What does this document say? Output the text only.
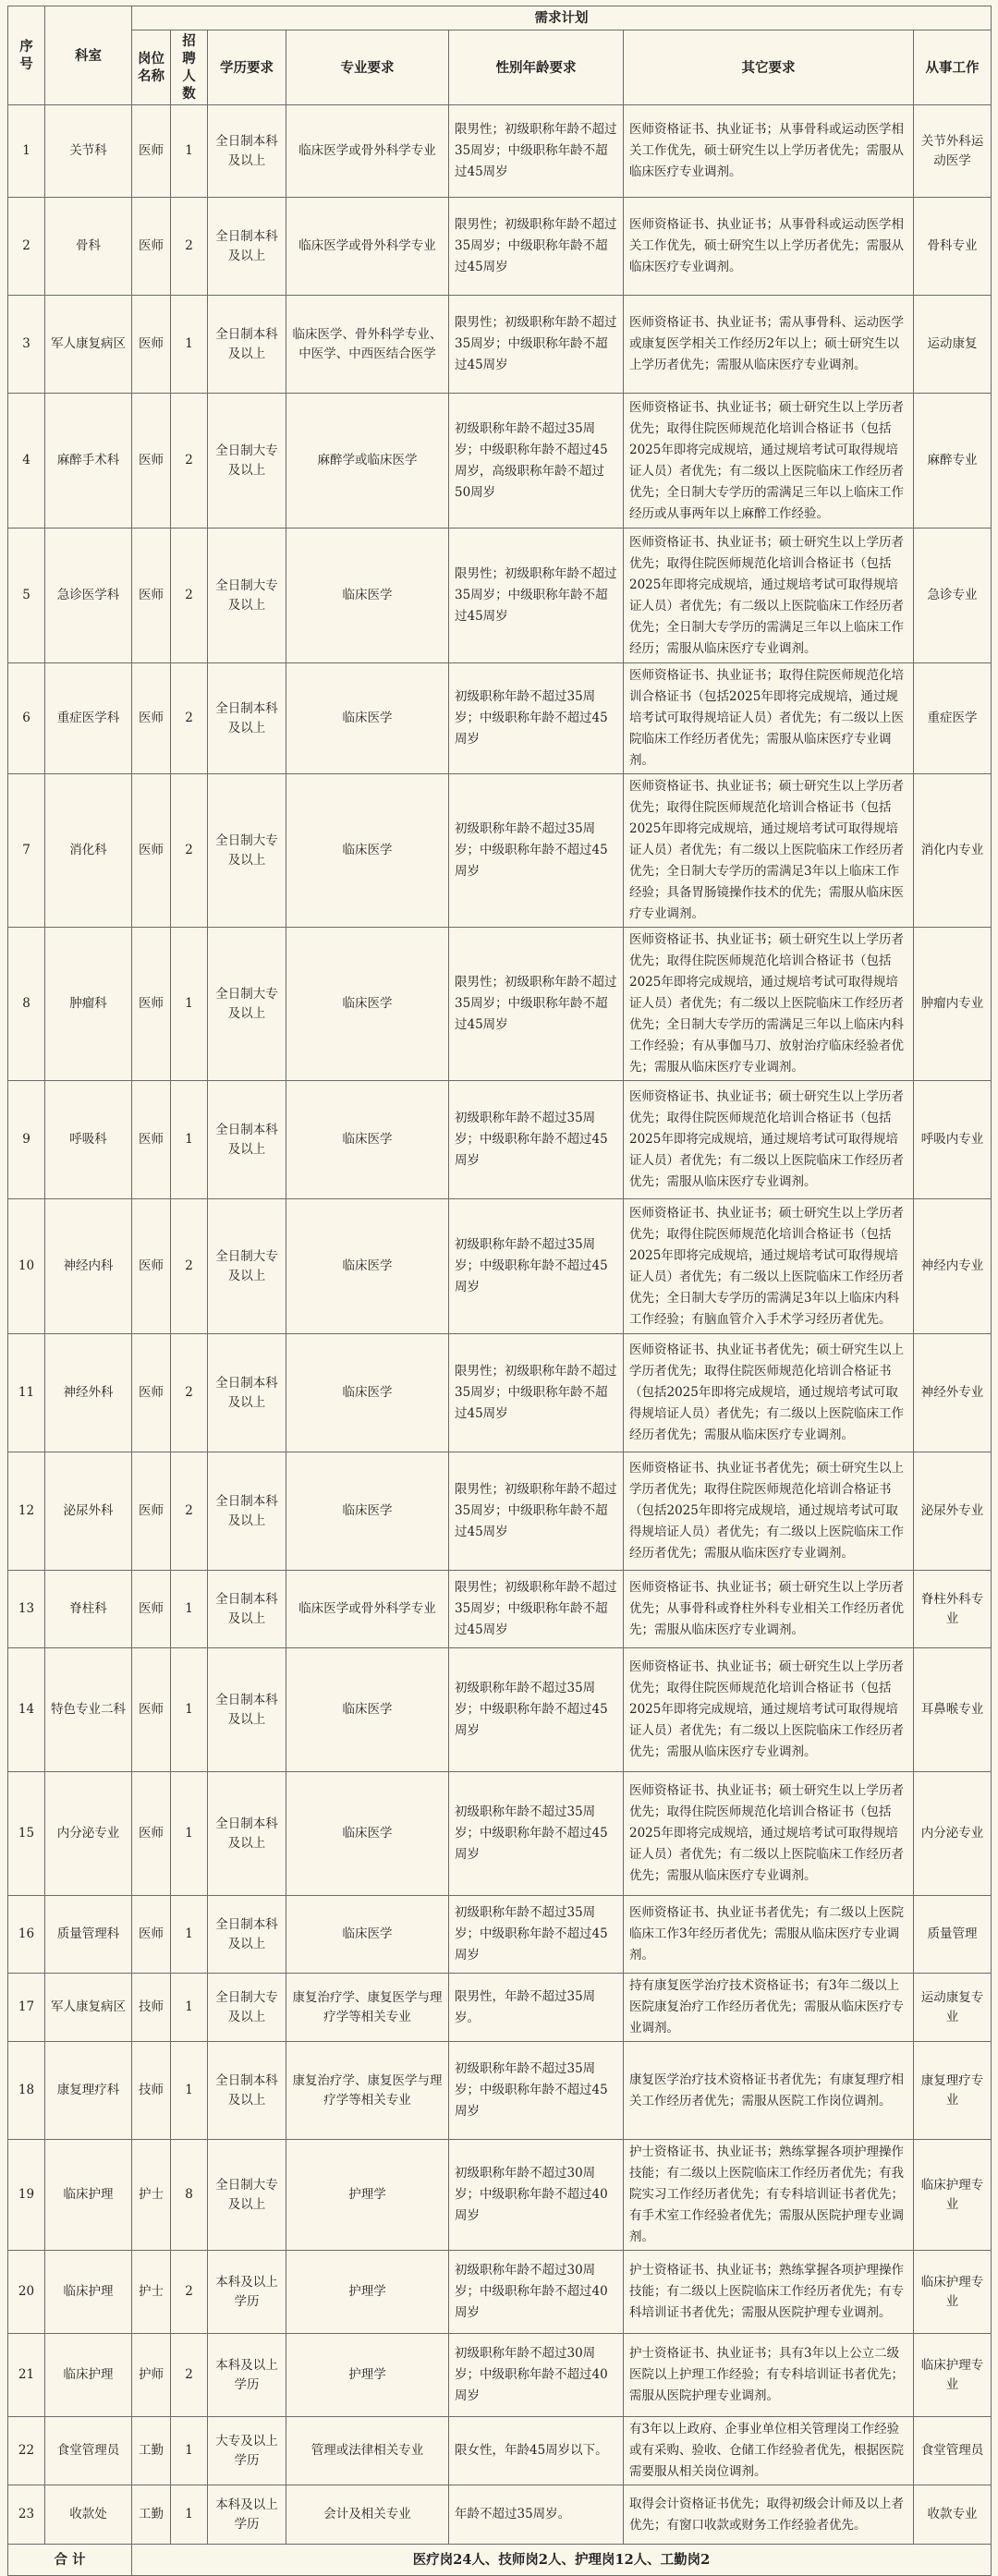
序号	科室	需求计划						
		岗位名称	招聘人数	学历要求	专业要求	性别年龄要求	其它要求	从事工作
1	关节科	医师	1	全日制本科及以上	临床医学或骨外科学专业	限男性；初级职称年龄不超过35周岁；中级职称年龄不超过45周岁	医师资格证书、执业证书；从事骨科或运动医学相关工作优先，硕士研究生以上学历者优先；需服从临床医疗专业调剂。	关节外科运动医学
2	骨科	医师	2	全日制本科及以上	临床医学或骨外科学专业	限男性；初级职称年龄不超过35周岁；中级职称年龄不超过45周岁	医师资格证书、执业证书；从事骨科或运动医学相关工作优先，硕士研究生以上学历者优先；需服从临床医疗专业调剂。	骨科专业
3	军人康复病区	医师	1	全日制本科及以上	临床医学、骨外科学专业、中医学、中西医结合医学	限男性；初级职称年龄不超过35周岁；中级职称年龄不超过45周岁	医师资格证书、执业证书；需从事骨科、运动医学或康复医学相关工作经历2年以上；硕士研究生以上学历者优先；需服从临床医疗专业调剂。	运动康复
4	麻醉手术科	医师	2	全日制大专及以上	麻醉学或临床医学	初级职称年龄不超过35周岁；中级职称年龄不超过45周岁，高级职称年龄不超过50周岁	医师资格证书、执业证书；硕士研究生以上学历者优先；取得住院医师规范化培训合格证书（包括2025年即将完成规培，通过规培考试可取得规培证人员）者优先；有二级以上医院临床工作经历者优先；全日制大专学历的需满足三年以上临床工作经历或从事两年以上麻醉工作经验。	麻醉专业
5	急诊医学科	医师	2	全日制大专及以上	临床医学	限男性；初级职称年龄不超过35周岁；中级职称年龄不超过45周岁	医师资格证书、执业证书；硕士研究生以上学历者优先；取得住院医师规范化培训合格证书（包括2025年即将完成规培，通过规培考试可取得规培证人员）者优先；有二级以上医院临床工作经历者优先；全日制大专学历的需满足三年以上临床工作经历；需服从临床医疗专业调剂。	急诊专业
6	重症医学科	医师	2	全日制本科及以上	临床医学	初级职称年龄不超过35周岁；中级职称年龄不超过45周岁	医师资格证书、执业证书；取得住院医师规范化培训合格证书（包括2025年即将完成规培，通过规培考试可取得规培证人员）者优先；有二级以上医院临床工作经历者优先；需服从临床医疗专业调剂。	重症医学
7	消化科	医师	2	全日制大专及以上	临床医学	初级职称年龄不超过35周岁；中级职称年龄不超过45周岁	医师资格证书、执业证书；硕士研究生以上学历者优先；取得住院医师规范化培训合格证书（包括2025年即将完成规培，通过规培考试可取得规培证人员）者优先；有二级以上医院临床工作经历者优先；全日制大专学历的需满足3年以上临床工作经验；具备胃肠镜操作技术的优先；需服从临床医疗专业调剂。	消化内专业
8	肿瘤科	医师	1	全日制大专及以上	临床医学	限男性；初级职称年龄不超过35周岁；中级职称年龄不超过45周岁	医师资格证书、执业证书；硕士研究生以上学历者优先；取得住院医师规范化培训合格证书（包括2025年即将完成规培，通过规培考试可取得规培证人员）者优先；有二级以上医院临床工作经历者优先；全日制大专学历的需满足三年以上临床内科工作经验；有从事伽马刀、放射治疗临床经验者优先；需服从临床医疗专业调剂。	肿瘤内专业
9	呼吸科	医师	1	全日制本科及以上	临床医学	初级职称年龄不超过35周岁；中级职称年龄不超过45周岁	医师资格证书、执业证书；硕士研究生以上学历者优先；取得住院医师规范化培训合格证书（包括2025年即将完成规培，通过规培考试可取得规培证人员）者优先；有二级以上医院临床工作经历者优先；需服从临床医疗专业调剂。	呼吸内专业
10	神经内科	医师	2	全日制大专及以上	临床医学	初级职称年龄不超过35周岁；中级职称年龄不超过45周岁	医师资格证书、执业证书；硕士研究生以上学历者优先；取得住院医师规范化培训合格证书（包括2025年即将完成规培，通过规培考试可取得规培证人员）者优先；有二级以上医院临床工作经历者优先；全日制大专学历的需满足3年以上临床内科工作经验；有脑血管介入手术学习经历者优先。	神经内专业
11	神经外科	医师	2	全日制本科及以上	临床医学	限男性；初级职称年龄不超过35周岁；中级职称年龄不超过45周岁	医师资格证书、执业证书者优先；硕士研究生以上学历者优先；取得住院医师规范化培训合格证书（包括2025年即将完成规培，通过规培考试可取得规培证人员）者优先；有二级以上医院临床工作经历者优先；需服从临床医疗专业调剂。	神经外专业
12	泌尿外科	医师	2	全日制本科及以上	临床医学	限男性；初级职称年龄不超过35周岁；中级职称年龄不超过45周岁	医师资格证书、执业证书者优先；硕士研究生以上学历者优先；取得住院医师规范化培训合格证书（包括2025年即将完成规培，通过规培考试可取得规培证人员）者优先；有二级以上医院临床工作经历者优先；需服从临床医疗专业调剂。	泌尿外专业
13	脊柱科	医师	1	全日制本科及以上	临床医学或骨外科学专业	限男性；初级职称年龄不超过35周岁；中级职称年龄不超过45周岁	医师资格证书、执业证书；硕士研究生以上学历者优先；从事骨科或脊柱外科专业相关工作经历者优先；需服从临床医疗专业调剂。	脊柱外科专业
14	特色专业二科	医师	1	全日制本科及以上	临床医学	初级职称年龄不超过35周岁；中级职称年龄不超过45周岁	医师资格证书、执业证书；硕士研究生以上学历者优先；取得住院医师规范化培训合格证书（包括2025年即将完成规培，通过规培考试可取得规培证人员）者优先；有二级以上医院临床工作经历者优先；需服从临床医疗专业调剂。	耳鼻喉专业
15	内分泌专业	医师	1	全日制本科及以上	临床医学	初级职称年龄不超过35周岁；中级职称年龄不超过45周岁	医师资格证书、执业证书；硕士研究生以上学历者优先；取得住院医师规范化培训合格证书（包括2025年即将完成规培，通过规培考试可取得规培证人员）者优先；有二级以上医院临床工作经历者优先；需服从临床医疗专业调剂。	内分泌专业
16	质量管理科	医师	1	全日制本科及以上	临床医学	初级职称年龄不超过35周岁；中级职称年龄不超过45周岁	医师资格证书、执业证书者优先；有二级以上医院临床工作3年经历者优先；需服从临床医疗专业调剂。	质量管理
17	军人康复病区	技师	1	全日制大专及以上	康复治疗学、康复医学与理疗学等相关专业	限男性，年龄不超过35周岁。	持有康复医学治疗技术资格证书；有3年二级以上医院康复治疗工作经历者优先；需服从临床医疗专业调剂。	运动康复专业
18	康复理疗科	技师	1	全日制本科及以上	康复治疗学、康复医学与理疗学等相关专业	初级职称年龄不超过35周岁；中级职称年龄不超过45周岁	康复医学治疗技术资格证书者优先；有康复理疗相关工作经历者优先；需服从医院工作岗位调剂。	康复理疗专业
19	临床护理	护士	8	全日制大专及以上	护理学	初级职称年龄不超过30周岁；中级职称年龄不超过40周岁	护士资格证书、执业证书；熟练掌握各项护理操作技能；有二级以上医院临床工作经历者优先；有我院实习工作经历者优先；有专科培训证书者优先；有手术室工作经验者优先；需服从医院护理专业调剂。	临床护理专业
20	临床护理	护士	2	本科及以上学历	护理学	初级职称年龄不超过30周岁；中级职称年龄不超过40周岁	护士资格证书、执业证书；熟练掌握各项护理操作技能；有二级以上医院临床工作经历者优先；有专科培训证书者优先；需服从医院护理专业调剂。	临床护理专业
21	临床护理	护师	2	本科及以上学历	护理学	初级职称年龄不超过30周岁；中级职称年龄不超过40周岁	护士资格证书、执业证书；具有3年以上公立二级医院以上护理工作经验；有专科培训证书者优先；需服从医院护理专业调剂。	临床护理专业
22	食堂管理员	工勤	1	大专及以上学历	管理或法律相关专业	限女性，年龄45周岁以下。	有3年以上政府、企事业单位相关管理岗工作经验或有采购、验收、仓储工作经验者优先，根据医院需要服从相关岗位调剂。	食堂管理员
23	收款处	工勤	1	本科及以上学历	会计及相关专业	年龄不超过35周岁。	取得会计资格证书优先；取得初级会计师及以上者优先；有窗口收款或财务工作经验者优先。	收款专业
合 计		医疗岗24人、技师岗2人、护理岗12人、工勤岗2						
